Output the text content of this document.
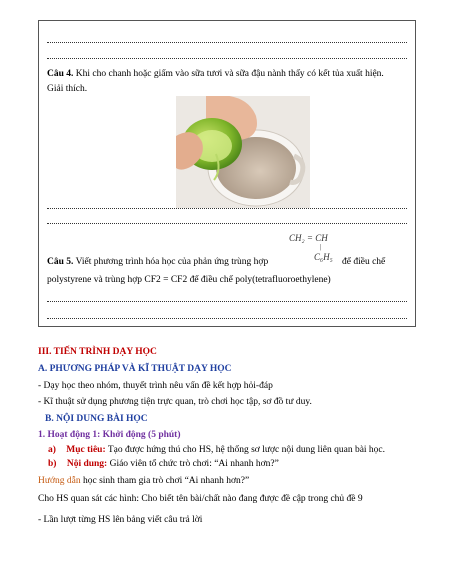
Câu 4. Khi cho chanh hoặc giấm vào sữa tươi và sữa đậu nành thấy có kết tủa xuất hiện.
Giải thích.
CH₂ = CH
|
C₆H₅
Câu 5. Viết phương trình hóa học của phản ứng trùng hợp	để điều chế
polystyrene và trùng hợp CF2 = CF2 để điều chế poly(tetrafluoroethylene)
III. TIẾN TRÌNH DẠY HỌC
A. PHƯƠNG PHÁP VÀ KĨ THUẬT DẠY HỌC
- Dạy học theo nhóm, thuyết trình nêu vấn đề kết hợp hỏi-đáp
- Kĩ thuật sử dụng phương tiện trực quan, trò chơi học tập, sơ đồ tư duy.
B. NỘI DUNG BÀI HỌC
1. Hoạt động 1: Khởi động (5 phút)
a) Mục tiêu: Tạo được hứng thú cho HS, hệ thống sơ lược nội dung liên quan bài học.
b) Nội dung: Giáo viên tổ chức trò chơi: “Ai nhanh hơn?”
Hướng dẫn học sinh tham gia trò chơi “Ai nhanh hơn?”
Cho HS quan sát các hình: Cho biết tên bài/chất nào đang được đề cập trong chủ đề 9
- Lần lượt từng HS lên bảng viết câu trả lời
